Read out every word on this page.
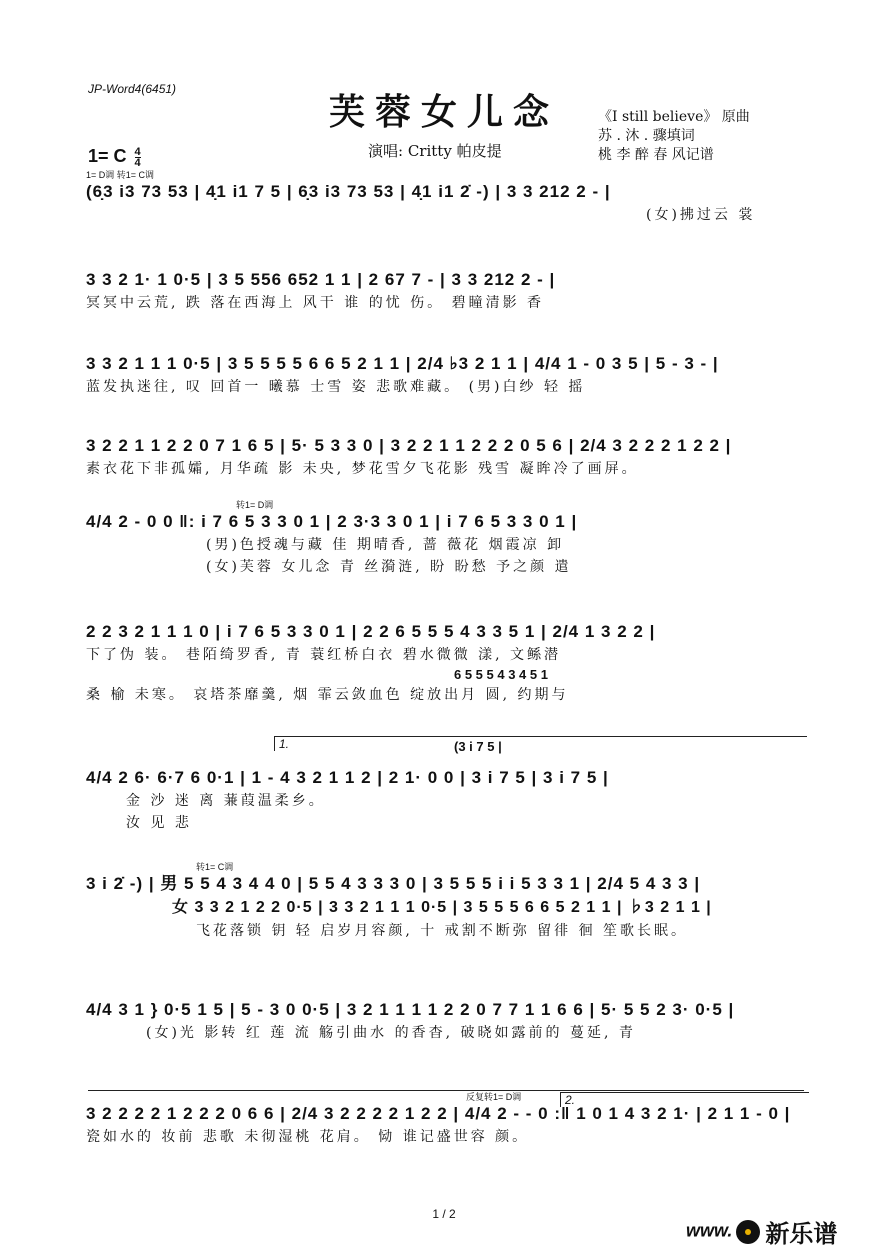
JP-Word4(6451)
芙蓉女儿念	《I still believe》 原曲
苏 . 沐 . 骤填词
桃 李 醉 春 风记谱
1= C $\frac{4}{4}$	演唱: Critty 帕皮提
1= D调 转1= C调
(6̣3 i3 73 53 | 4̣1 i1 7 5 | 6̣3 i3 73 53 | 4̣1 i1 2̇ -) | 3 3 212 2 - |
(女)拂过云 裳
3 3 2 1· 1 0·5 | 3 5 556 652 1 1 | 2 67 7 - | 3 3 212 2 - |
冥冥中云荒, 跌 落在西海上 风干 谁 的忧 伤。 碧瞳清影 香
3 3 2 1 1 1 0·5 | 3 5 5 5 5 6 6 5 2 1 1 | 2/4 ♭3 2 1 1 | 4/4 1 - 0 3 5 | 5 - 3 - |
蓝发执迷往, 叹 回首一 曦慕 士雪 姿 悲歌难藏。 (男)白纱 轻 摇
3 2 2 1 1 2 2 0 7 1 6 5 | 5· 5 3 3 0 | 3 2 2 1 1 2 2 2 0 5 6 | 2/4 3 2 2 2 1 2 2 |
素衣花下非孤孀, 月华疏 影 未央, 梦花雪夕飞花影 残雪 凝眸冷了画屏。
转1= D调
4/4 2 - 0 0 ‖: i 7 6 5 3 3 0 1 | 2 3·3 3 0 1 | i 7 6 5 3 3 0 1 |
(男)色授魂与藏 佳 期晴香, 蔷 薇花 烟霞凉 卸
(女)芙蓉 女儿念 青 丝漪涟, 盼 盼愁 予之颜 遣
2 2 3 2 1 1 1 0 | i 7 6 5 3 3 0 1 | 2 2 6 5 5 5 4 3 3 5 1 | 2/4 1 3 2 2 |
下了伪 装。 巷陌绮罗香, 青 蓑红桥白衣 碧水微微 漾, 文鲧潜
6 5 5 5 4 3 4 5 1
桑 榆 未寒。 哀塔茶靡羹, 烟 霏云敛血色 绽放出月 圆, 约期与
1.	(3 i 7 5 |
4/4 2 6· 6·7 6 0·1 | 1 - 4 3 2 1 1 2 | 2 1· 0 0 | 3 i 7 5 | 3 i 7 5 |
金 沙 迷 离 蒹葭温柔乡。
汝 见 悲
转1= C调
3 i 2̇ -) | 男 5 5 4 3 4 4 0 | 5 5 4 3 3 3 0 | 3 5 5 5 i i 5 3 3 1 | 2/4 5 4 3 3 |
女 3 3 2 1 2 2 0·5 | 3 3 2 1 1 1 0·5 | 3 5 5 5 6 6 5 2 1 1 | ♭3 2 1 1 |
飞花落锁 钥 轻 启岁月容颜, 十 戒割不断弥 留徘 徊 笙歌长眠。
4/4 3 1 } 0·5 1 5 | 5 - 3 0 0·5 | 3 2 1 1 1 1 2 2 0 7 7 1 1 6 6 | 5· 5 5 2 3· 0·5 |
(女)光 影转 红 莲 流 觞引曲水 的香杳, 破晓如露前的 蔓延, 青
2.
反复转1= D调
3 2 2 2 2 1 2 2 2 0 6 6 | 2/4 3 2 2 2 2 1 2 2 | 4/4 2 - - 0 :‖ 1 0 1 4 3 2 1· | 2 1 1 - 0 |
瓷如水的 妆前 悲歌 未彻湿桃 花肩。 恸 谁记盛世容 颜。
1 / 2
www. 新乐谱
